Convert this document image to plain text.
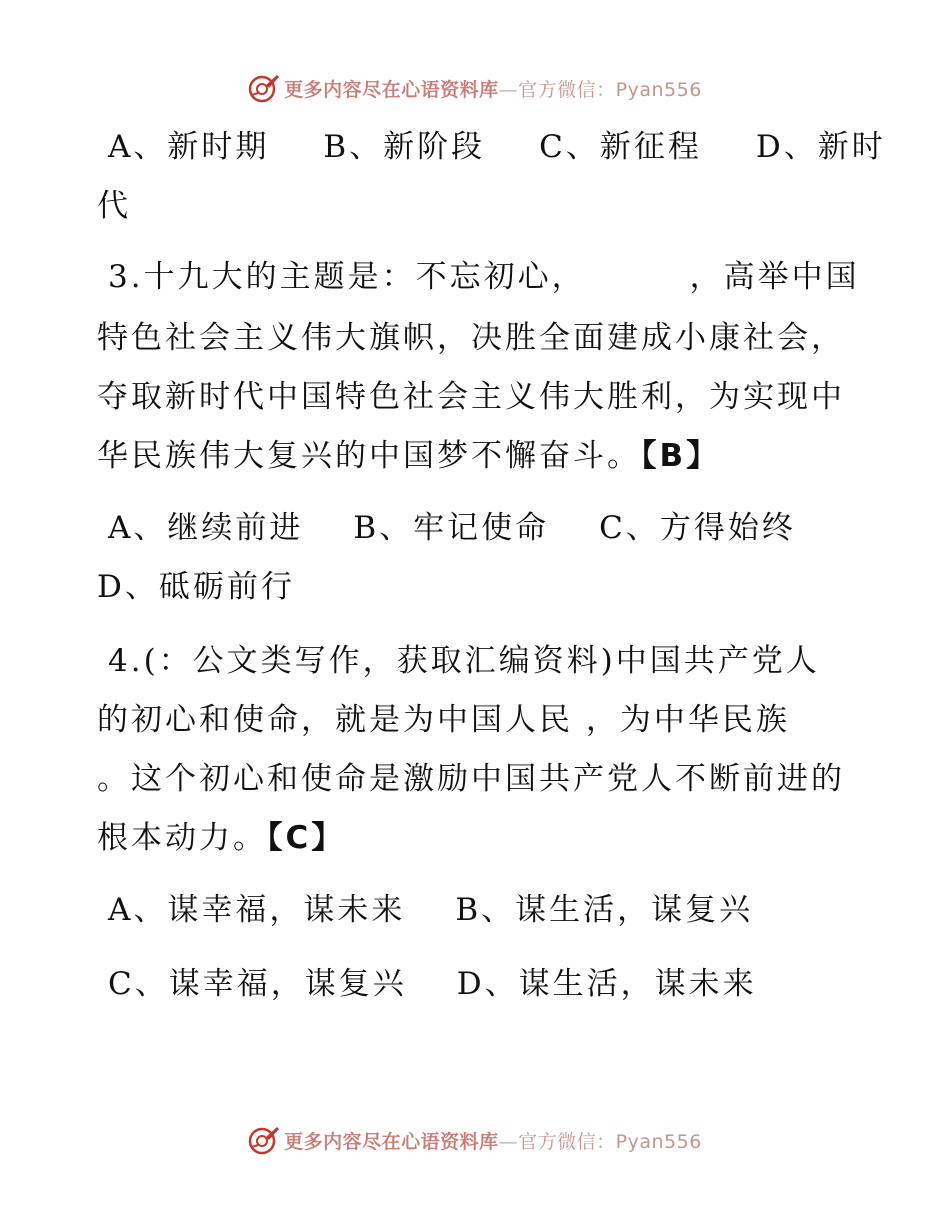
更多内容尽在心语资料库—官方微信：Pyan556
A、新时期 B、新阶段 C、新征程 D、新时
代
3.十九大的主题是：不忘初心，	，高举中国
特色社会主义伟大旗帜，决胜全面建成小康社会，
夺取新时代中国特色社会主义伟大胜利，为实现中
华民族伟大复兴的中国梦不懈奋斗。【B】
A、继续前进 B、牢记使命 C、方得始终
D、砥砺前行
4.(：公文类写作，获取汇编资料)中国共产党人
的初心和使命，就是为中国人民 ，为中华民族
。这个初心和使命是激励中国共产党人不断前进的
根本动力。【C】
A、谋幸福，谋未来 B、谋生活，谋复兴
C、谋幸福，谋复兴 D、谋生活，谋未来
更多内容尽在心语资料库—官方微信：Pyan556
